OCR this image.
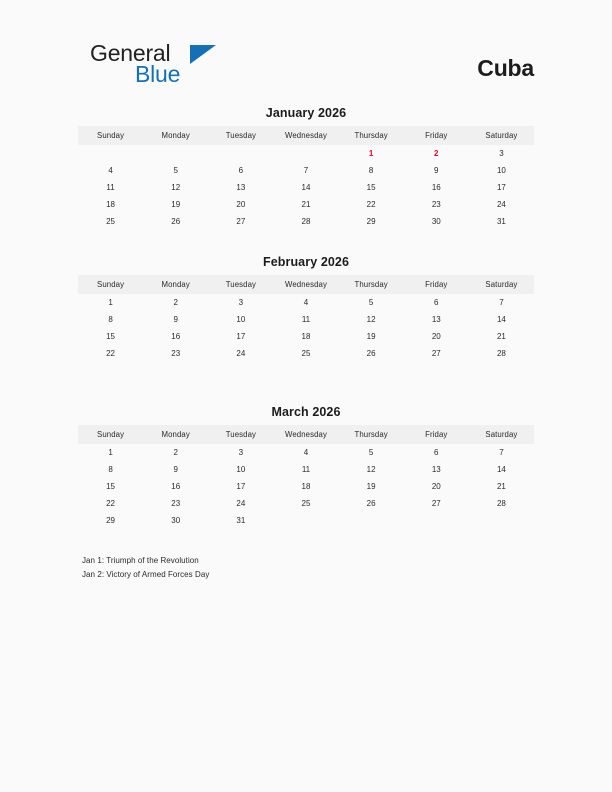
General
Blue	Cuba
January 2026
Sunday	Monday	Tuesday	Wednesday	Thursday	Friday	Saturday
				1	2	3
4	5	6	7	8	9	10
11	12	13	14	15	16	17
18	19	20	21	22	23	24
25	26	27	28	29	30	31
February 2026
Sunday	Monday	Tuesday	Wednesday	Thursday	Friday	Saturday
1	2	3	4	5	6	7
8	9	10	11	12	13	14
15	16	17	18	19	20	21
22	23	24	25	26	27	28
March 2026
Sunday	Monday	Tuesday	Wednesday	Thursday	Friday	Saturday
1	2	3	4	5	6	7
8	9	10	11	12	13	14
15	16	17	18	19	20	21
22	23	24	25	26	27	28
29	30	31				
Jan 1: Triumph of the Revolution
Jan 2: Victory of Armed Forces Day
